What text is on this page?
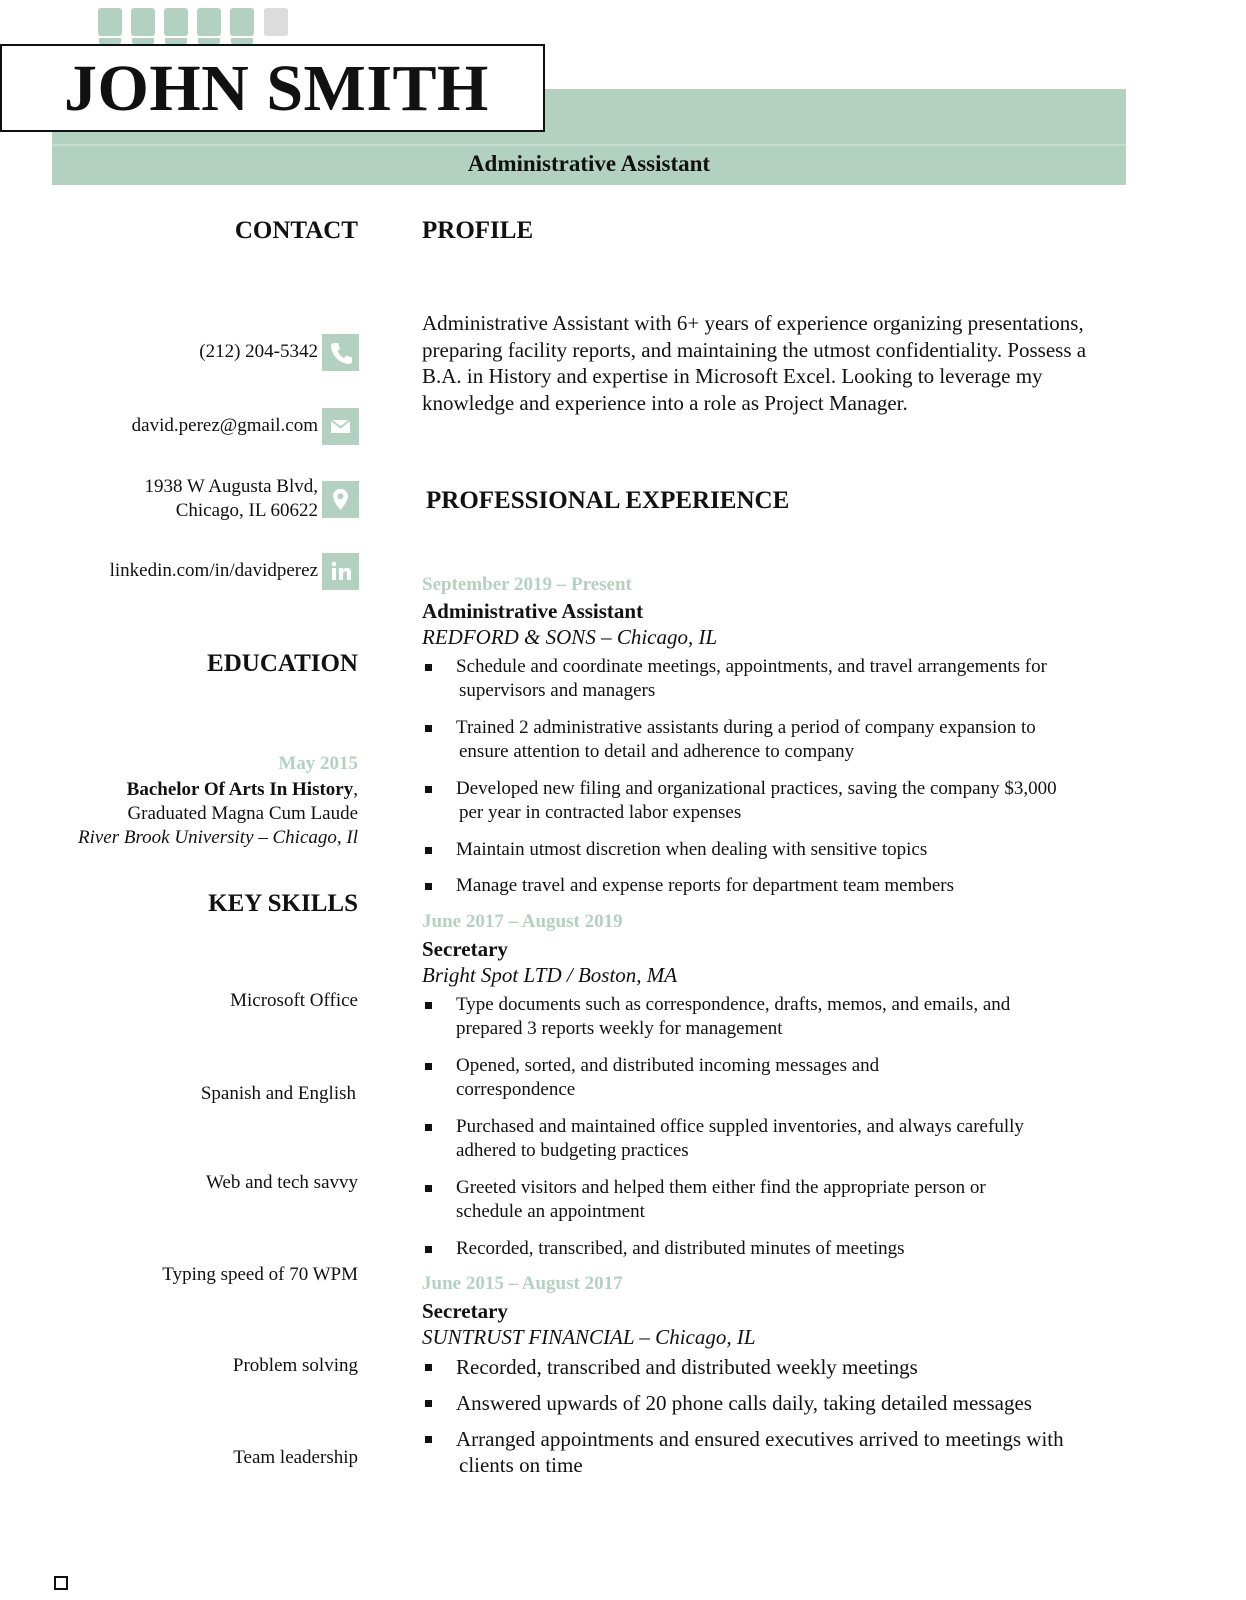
JOHN SMITH
Administrative Assistant
CONTACT
EDUCATION
KEY SKILLS
(212) 204-5342
david.perez@gmail.com
1938 W Augusta Blvd,
Chicago, IL 60622
linkedin.com/in/davidperez
May 2015
Bachelor Of Arts In History,
Graduated Magna Cum Laude
River Brook University – Chicago, Il
Microsoft Office
Spanish and English
Web and tech savvy
Typing speed of 70 WPM
Problem solving
Team leadership
PROFILE
Administrative Assistant with 6+ years of experience organizing presentations, preparing facility reports, and maintaining the utmost confidentiality. Possess a B.A. in History and expertise in Microsoft Excel. Looking to leverage my knowledge and experience into a role as Project Manager.
PROFESSIONAL EXPERIENCE
September 2019 – Present
Administrative Assistant
REDFORD & SONS – Chicago, IL
Schedule and coordinate meetings, appointments, and travel arrangements for
supervisors and managers
Trained 2 administrative assistants during a period of company expansion to
ensure attention to detail and adherence to company
Developed new filing and organizational practices, saving the company $3,000
per year in contracted labor expenses
Maintain utmost discretion when dealing with sensitive topics
Manage travel and expense reports for department team members
June 2017 – August 2019
Secretary
Bright Spot LTD / Boston, MA
Type documents such as correspondence, drafts, memos, and emails, and
prepared 3 reports weekly for management
Opened, sorted, and distributed incoming messages and
correspondence
Purchased and maintained office suppled inventories, and always carefully
adhered to budgeting practices
Greeted visitors and helped them either find the appropriate person or
schedule an appointment
Recorded, transcribed, and distributed minutes of meetings
June 2015 – August 2017
Secretary
SUNTRUST FINANCIAL – Chicago, IL
Recorded, transcribed and distributed weekly meetings
Answered upwards of 20 phone calls daily, taking detailed messages
Arranged appointments and ensured executives arrived to meetings with
clients on time
